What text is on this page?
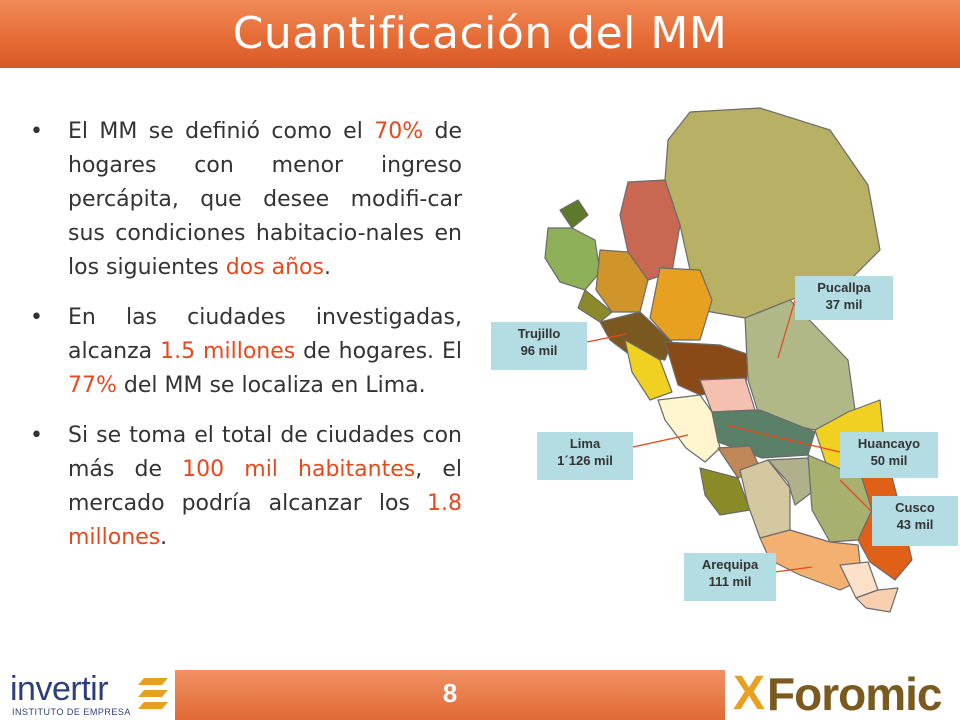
Cuantificación del MM
• El MM se definió como el 70% de hogares con menor ingreso percápita, que desee modifi-car sus condiciones habitacio-nales en los siguientes dos años.
• En las ciudades investigadas, alcanza 1.5 millones de hogares. El 77% del MM se localiza en Lima.
• Si se toma el total de ciudades con más de 100 mil habitantes, el mercado podría alcanzar los 1.8 millones.
Pucallpa
37 mil
Trujillo
96 mil
Lima
1´126 mil
Huancayo
50 mil
Cusco
43 mil
Arequipa
111 mil
8
invertir
INSTITUTO DE EMPRESA	X Foromic
